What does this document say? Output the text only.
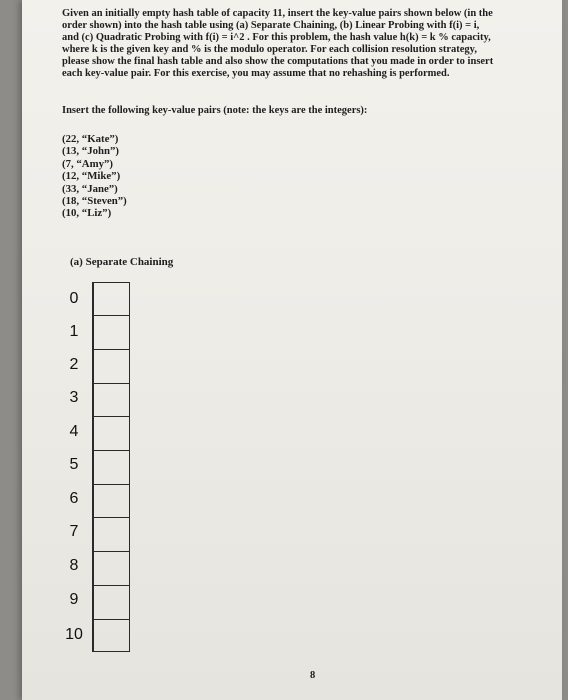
Given an initially empty hash table of capacity 11, insert the key-value pairs shown below (in the
order shown) into the hash table using (a) Separate Chaining, (b) Linear Probing with f(i) = i,
and (c) Quadratic Probing with f(i) = i^2 . For this problem, the hash value h(k) = k % capacity,
where k is the given key and % is the modulo operator. For each collision resolution strategy,
please show the final hash table and also show the computations that you made in order to insert
each key-value pair. For this exercise, you may assume that no rehashing is performed.

Insert the following key-value pairs (note: the keys are the integers):

(22, “Kate”)
(13, “John”)
(7, “Amy”)
(12, “Mike”)
(33, “Jane”)
(18, “Steven”)
(10, “Liz”)

(a) Separate Chaining

0
1
2
3
4
5
6
7
8
9
10
8
